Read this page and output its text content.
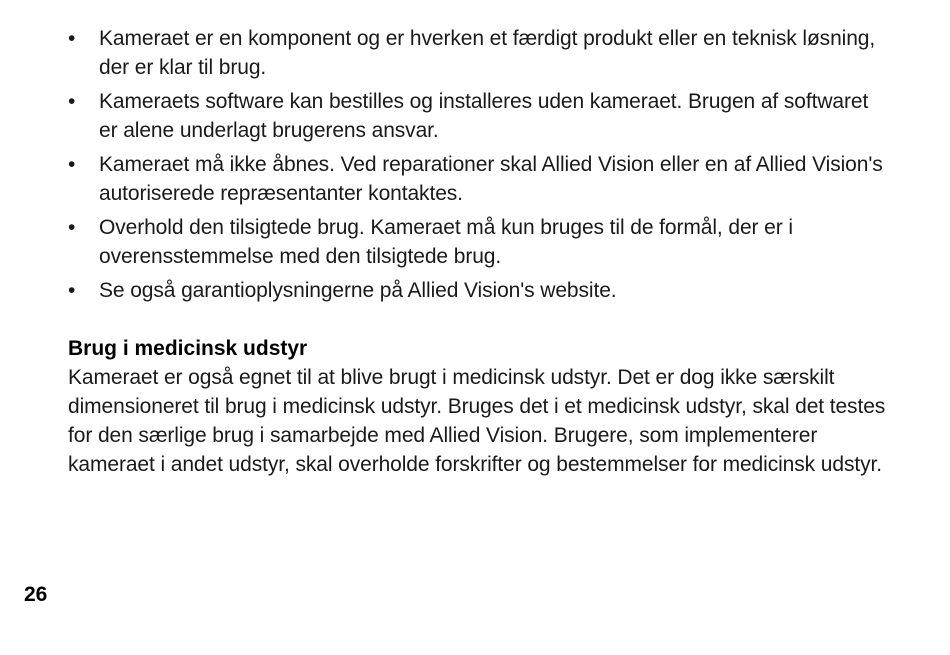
• Kameraet er en komponent og er hverken et færdigt produkt eller en teknisk løsning, der er klar til brug.
• Kameraets software kan bestilles og installeres uden kameraet. Brugen af softwaret er alene underlagt brugerens ansvar.
• Kameraet må ikke åbnes. Ved reparationer skal Allied Vision eller en af Allied Vision's autoriserede repræsentanter kontaktes.
• Overhold den tilsigtede brug. Kameraet må kun bruges til de formål, der er i overensstemmelse med den tilsigtede brug.
• Se også garantioplysningerne på Allied Vision's website.
Brug i medicinsk udstyr

Kameraet er også egnet til at blive brugt i medicinsk udstyr. Det er dog ikke særskilt dimensioneret til brug i medicinsk udstyr. Bruges det i et medicinsk udstyr, skal det testes for den særlige brug i samarbejde med Allied Vision. Brugere, som implementerer kameraet i andet udstyr, skal overholde forskrifter og bestemmelser for medicinsk udstyr.

26
